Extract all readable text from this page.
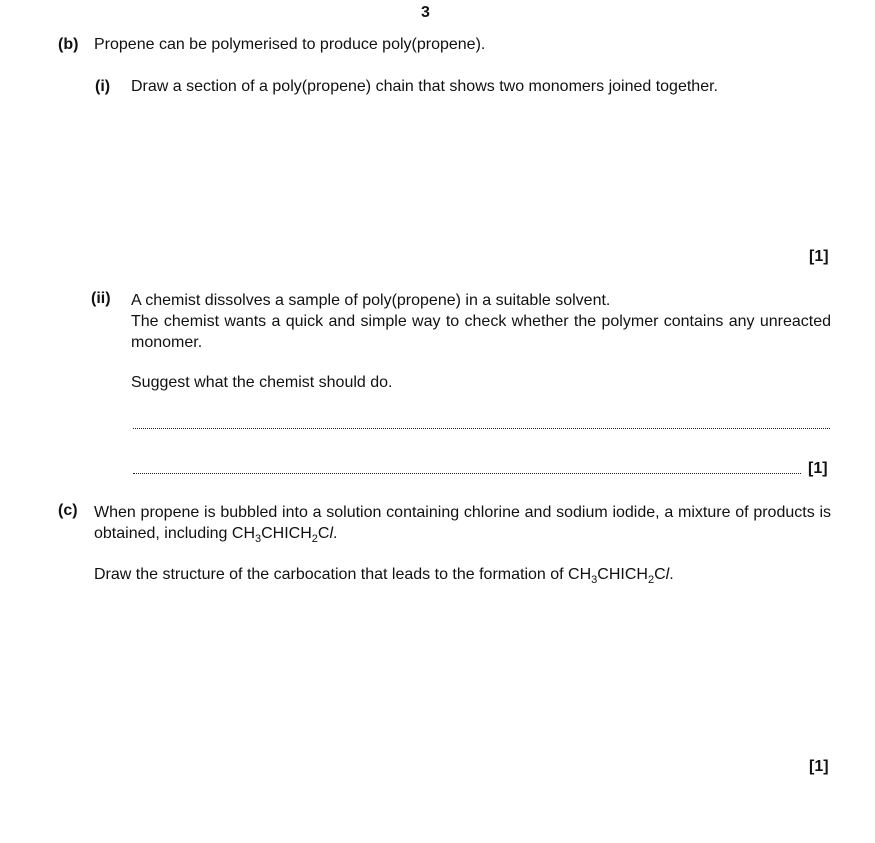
3
(b) Propene can be polymerised to produce poly(propene).
(i) Draw a section of a poly(propene) chain that shows two monomers joined together.
[1]
(ii) A chemist dissolves a sample of poly(propene) in a suitable solvent.
The chemist wants a quick and simple way to check whether the polymer contains any unreacted monomer.
Suggest what the chemist should do.
[1]
(c) When propene is bubbled into a solution containing chlorine and sodium iodide, a mixture of products is obtained, including $CH_3CHICH_2Cl$.
Draw the structure of the carbocation that leads to the formation of $CH_3CHICH_2Cl$.
[1]
